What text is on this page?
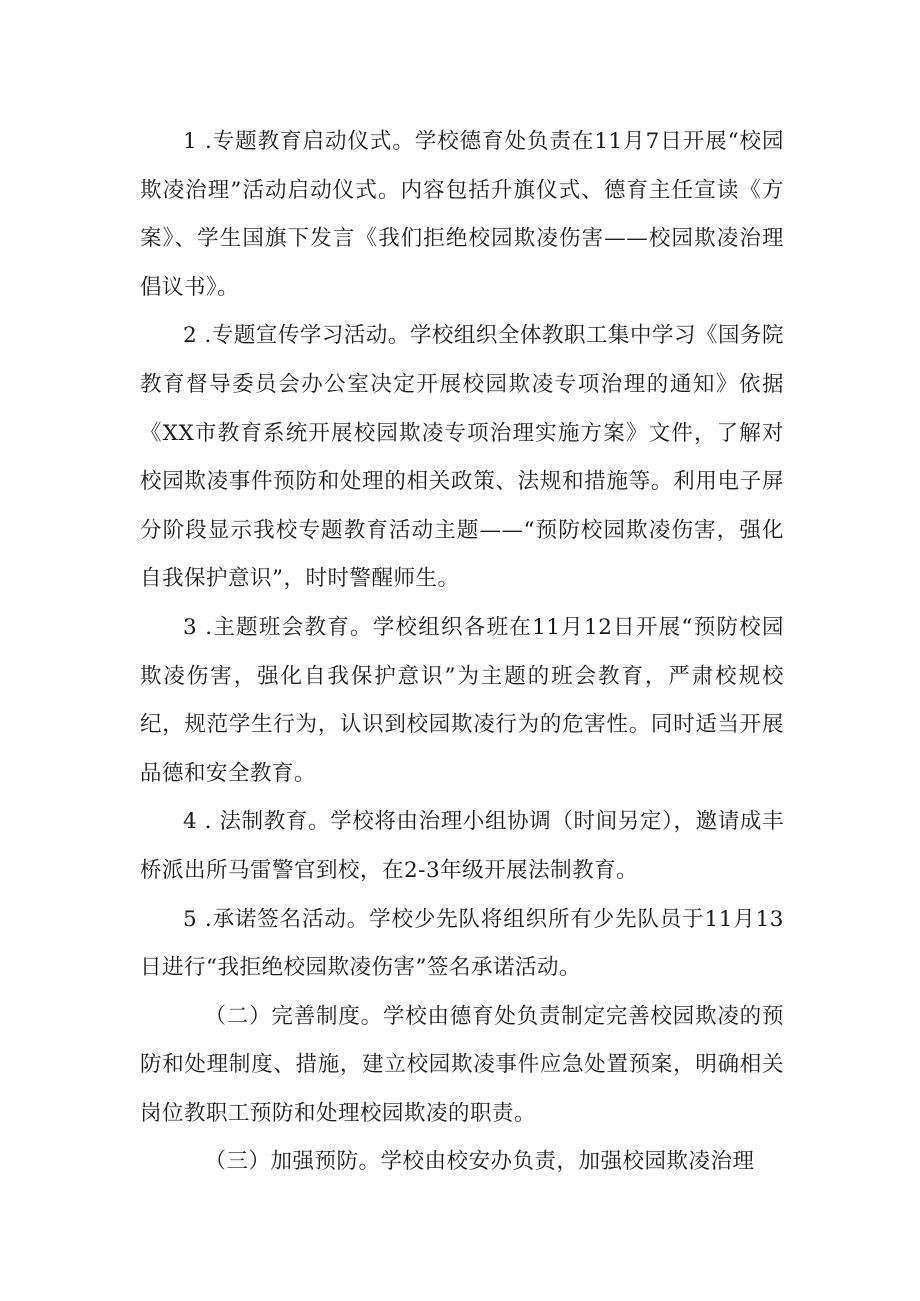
1 .专题教育启动仪式。学校德育处负责在11月7日开展“校园欺凌治理”活动启动仪式。内容包括升旗仪式、德育主任宣读《方案》、学生国旗下发言《我们拒绝校园欺凌伤害——校园欺凌治理倡议书》。

2 .专题宣传学习活动。学校组织全体教职工集中学习《国务院教育督导委员会办公室决定开展校园欺凌专项治理的通知》依据《XX市教育系统开展校园欺凌专项治理实施方案》文件，了解对校园欺凌事件预防和处理的相关政策、法规和措施等。利用电子屏分阶段显示我校专题教育活动主题——“预防校园欺凌伤害，强化自我保护意识”，时时警醒师生。

3 .主题班会教育。学校组织各班在11月12日开展“预防校园欺凌伤害，强化自我保护意识”为主题的班会教育，严肃校规校纪，规范学生行为，认识到校园欺凌行为的危害性。同时适当开展品德和安全教育。

4 . 法制教育。学校将由治理小组协调（时间另定），邀请成丰桥派出所马雷警官到校，在2-3年级开展法制教育。

5 .承诺签名活动。学校少先队将组织所有少先队员于11月13日进行“我拒绝校园欺凌伤害”签名承诺活动。

（二）完善制度。学校由德育处负责制定完善校园欺凌的预防和处理制度、措施，建立校园欺凌事件应急处置预案，明确相关岗位教职工预防和处理校园欺凌的职责。

（三）加强预防。学校由校安办负责，加强校园欺凌治理
